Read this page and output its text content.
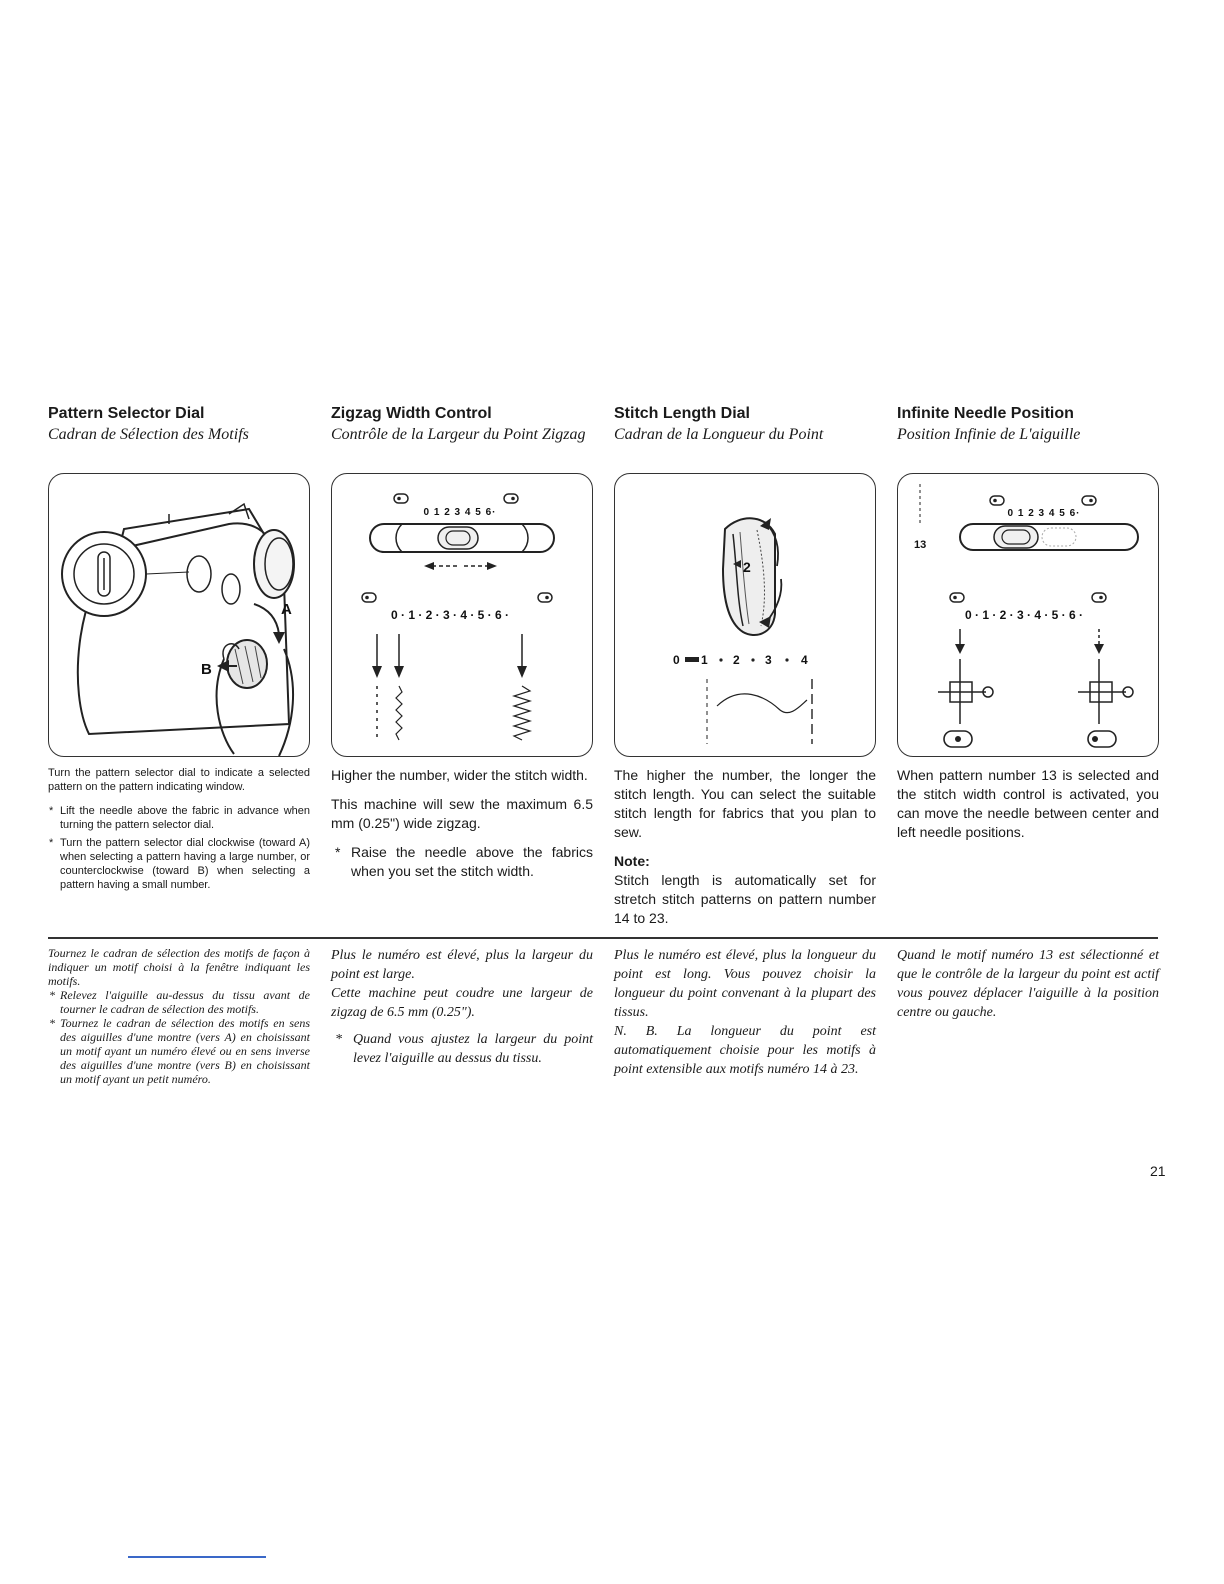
Pattern Selector Dial
Cadran de Sélection des Motifs
A
B

Turn the pattern selector dial to indicate a selected pattern on the pattern indicating window.

* Lift the needle above the fabric in advance when turning the pattern selector dial.
* Turn the pattern selector dial clockwise (toward A) when selecting a pattern having a large number, or counterclockwise (toward B) when selecting a pattern having a small number.

Tournez le cadran de sélection des motifs de façon à indiquer un motif choisi à la fenêtre indiquant les motifs.

* Relevez l'aiguille au-dessus du tissu avant de tourner le cadran de sélection des motifs.
* Tournez le cadran de sélection des motifs en sens des aiguilles d'une montre (vers A) en choisissant un motif ayant un numéro élevé ou en sens inverse des aiguilles d'une montre (vers B) en choisissant un motif ayant un petit numéro.
Zigzag Width Control
Contrôle de la Largeur du Point Zigzag
0 1 2 3 4 5 6·
0 · 1 · 2 · 3 · 4 · 5 · 6 ·

Higher the number, wider the stitch width.

This machine will sew the maximum 6.5 mm (0.25") wide zigzag.

* Raise the needle above the fabrics when you set the stitch width.

Plus le numéro est élevé, plus la largeur du point est large.

Cette machine peut coudre une largeur de zigzag de 6.5 mm (0.25").

* Quand vous ajustez la largeur du point levez l'aiguille au dessus du tissu.
Stitch Length Dial
Cadran de la Longueur du Point
2
0 1 2 3 4

The higher the number, the longer the stitch length. You can select the suitable stitch length for fabrics that you plan to sew.

Note:

Stitch length is automatically set for stretch stitch patterns on pattern number 14 to 23.

Plus le numéro est élevé, plus la longueur du point est long. Vous pouvez choisir la longueur du point convenant à la plupart des tissus.

N. B. La longueur du point est automatiquement choisie pour les motifs à point extensible aux motifs numéro 14 à 23.

Infinite Needle Position
Position Infinie de L'aiguille
13
0 1 2 3 4 5 6·
0 · 1 · 2 · 3 · 4 · 5 · 6 ·

When pattern number 13 is selected and the stitch width control is activated, you can move the needle between center and left needle positions.

Quand le motif numéro 13 est sélectionné et que le contrôle de la largeur du point est actif vous pouvez déplacer l'aiguille à la position centre ou gauche.

21
